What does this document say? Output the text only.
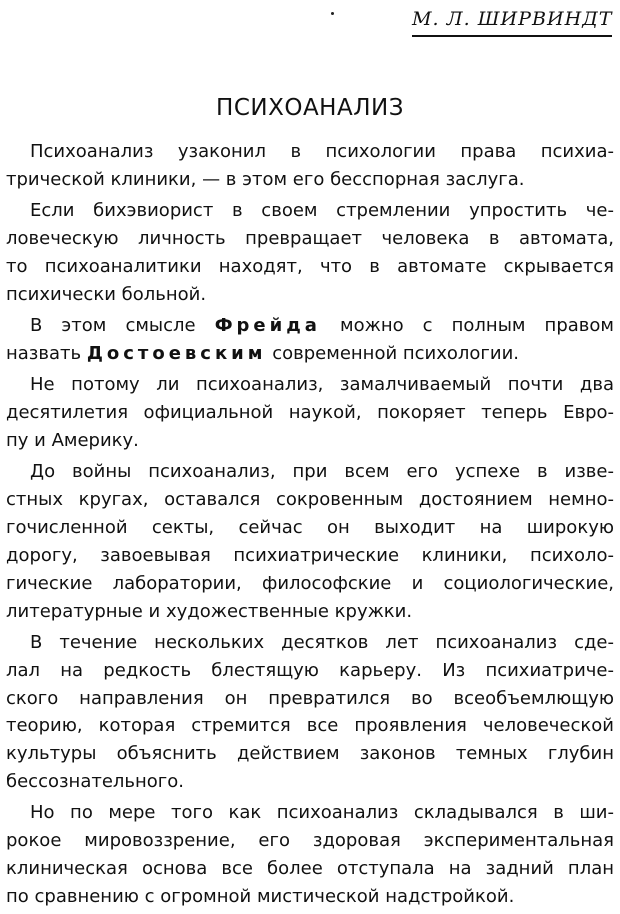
М. Л. ШИРВИНДТ
ПСИХОАНАЛИЗ

Психоанализ узаконил в психологии права психиа-
трической клиники, — в этом его бесспорная заслуга.

Если бихэвиорист в своем стремлении упростить че-
ловеческую личность превращает человека в автомата,
то психоаналитики находят, что в автомате скрывается
психически больной.

В этом смысле Фрейда можно с полным правом
назвать Достоевским современной психологии.

Не потому ли психоанализ, замалчиваемый почти два
десятилетия официальной наукой, покоряет теперь Евро-
пу и Америку.

До войны психоанализ, при всем его успехе в изве-
стных кругах, оставался сокровенным достоянием немно-
гочисленной секты, сейчас он выходит на широкую
дорогу, завоевывая психиатрические клиники, психоло-
гические лаборатории, философские и социологические,
литературные и художественные кружки.

В течение нескольких десятков лет психоанализ сде-
лал на редкость блестящую карьеру. Из психиатриче-
ского направления он превратился во всеобъемлющую
теорию, которая стремится все проявления человеческой
культуры объяснить действием законов темных глубин
бессознательного.

Но по мере того как психоанализ складывался в ши-
рокое мировоззрение, его здоровая экспериментальная
клиническая основа все более отступала на задний план
по сравнению с огромной мистической надстройкой.
